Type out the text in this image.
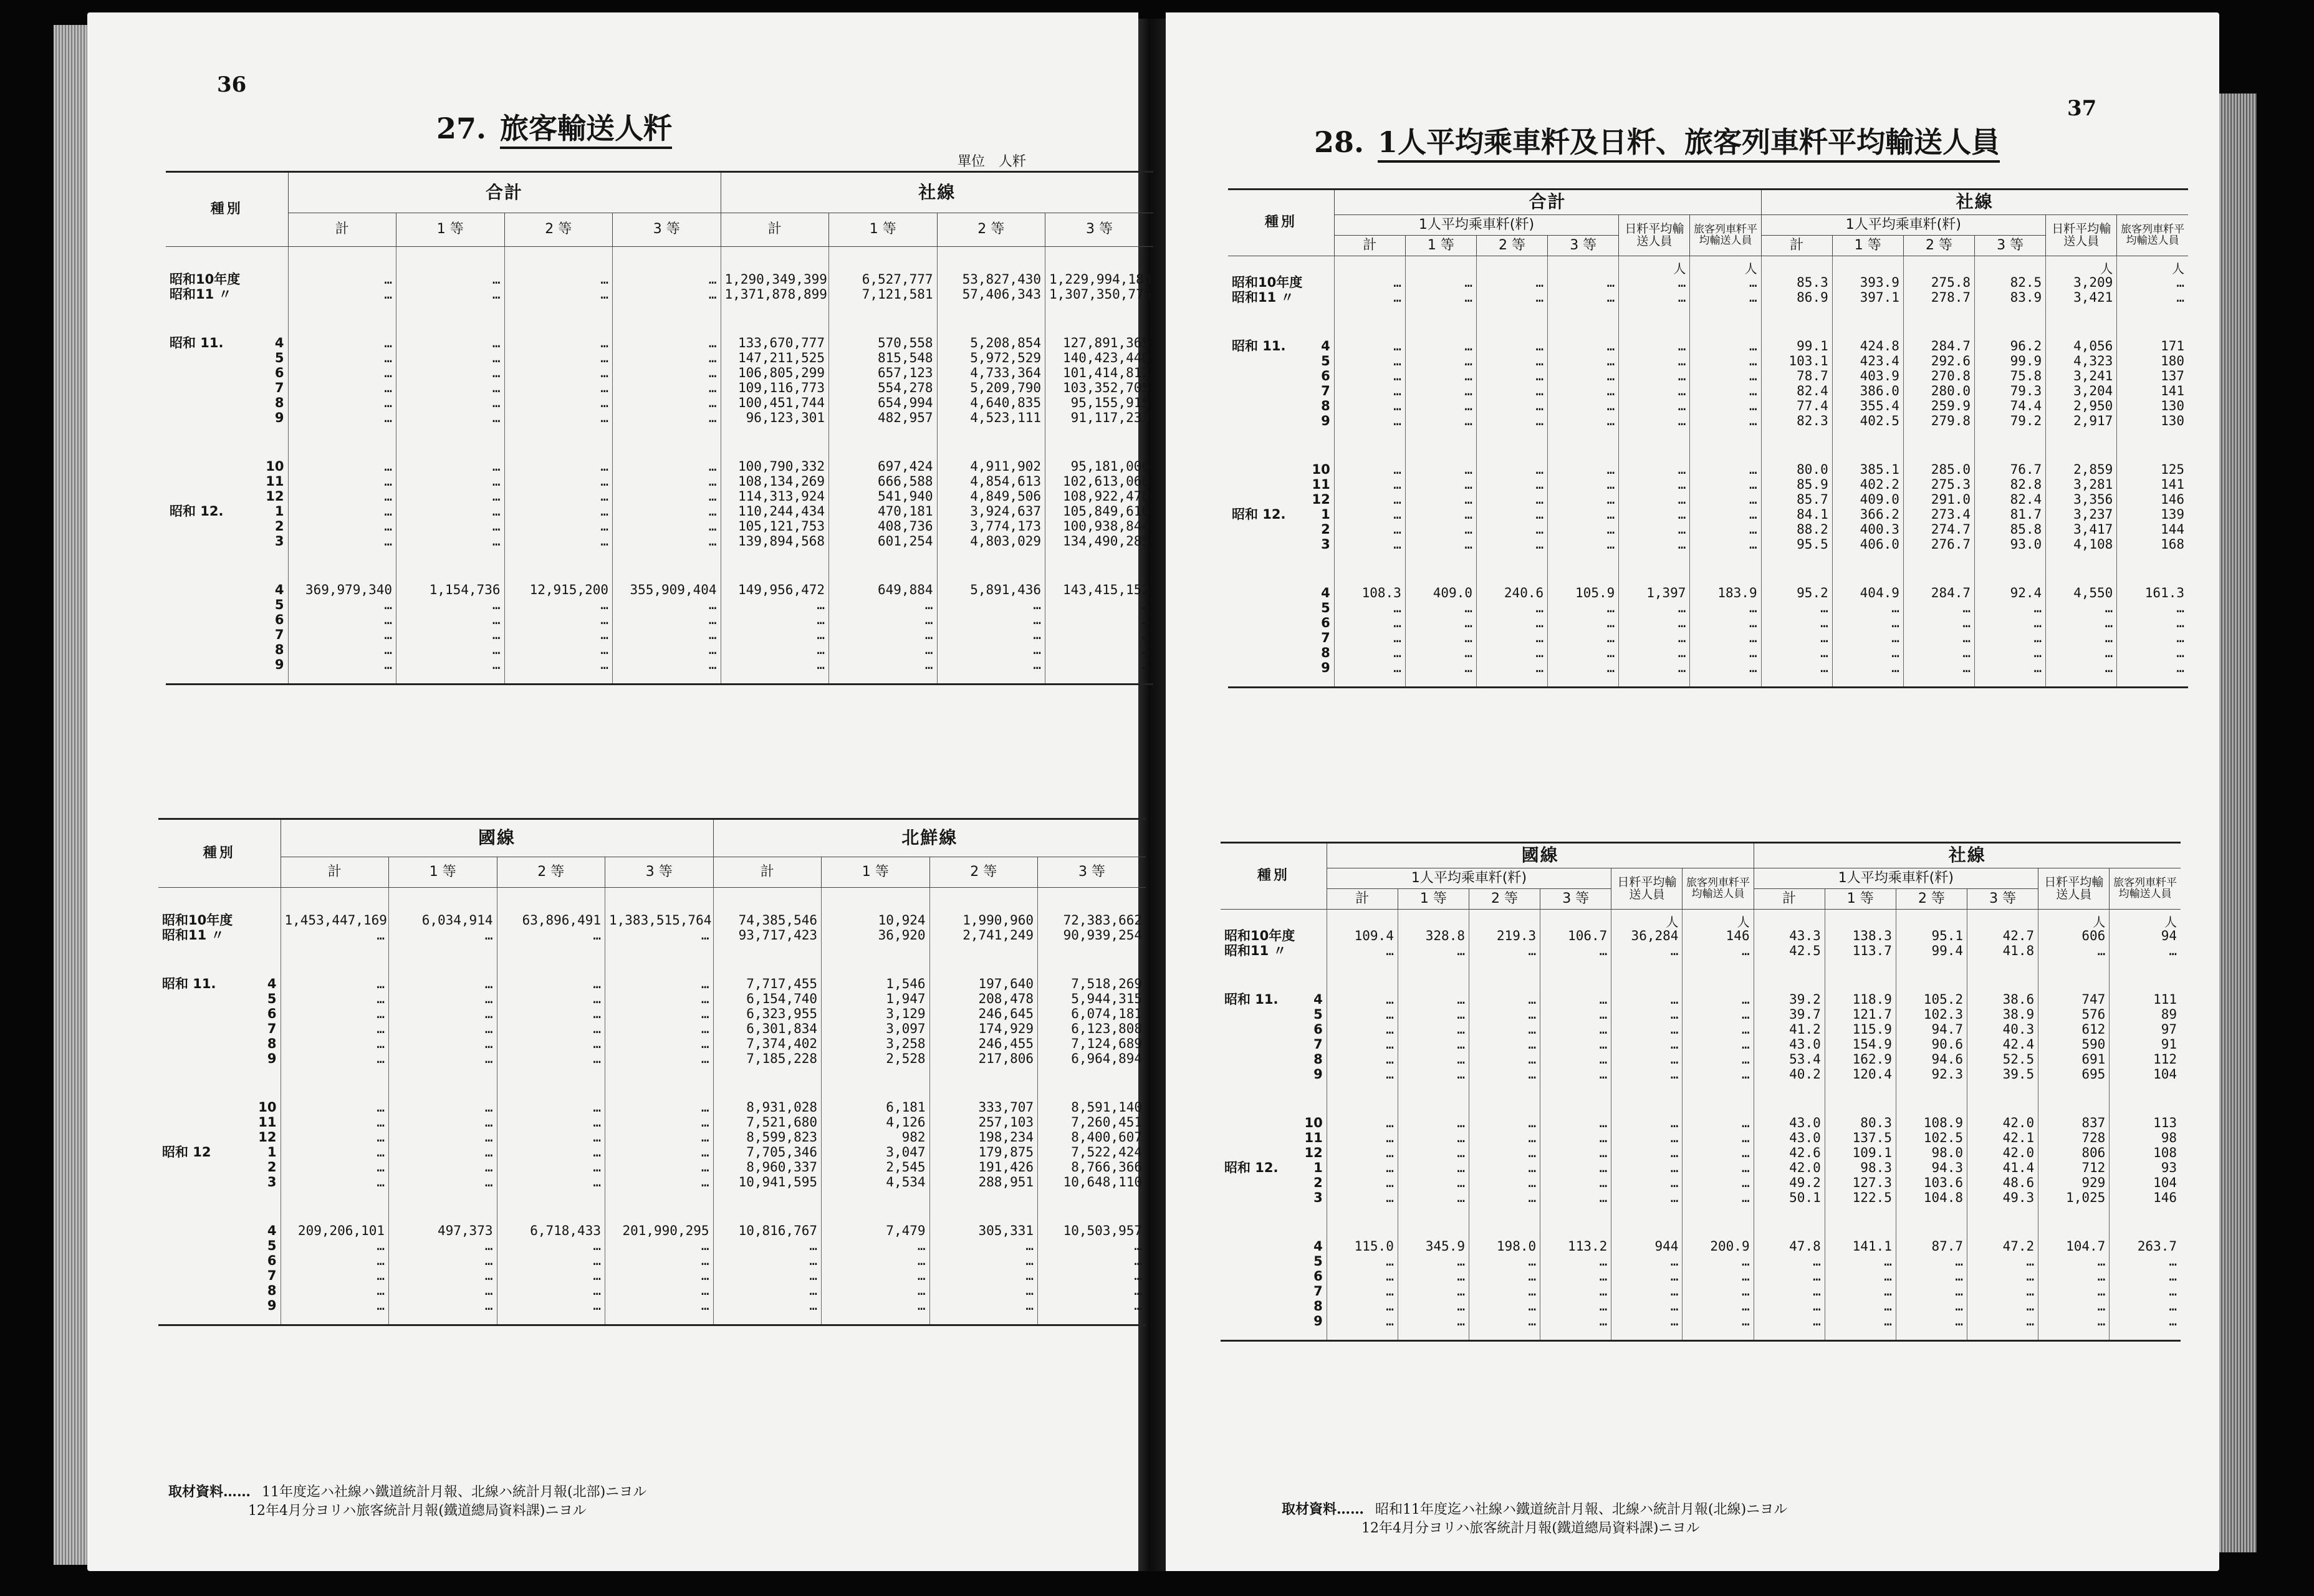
36
27. 旅客輸送人粁
單位　人粁
種別	合計				社線			
	計	1 等	2 等	3 等	計	1 等	2 等	3 等
昭和10年度	…	…	…	…	1,290,349,399	6,527,777	53,827,430	1,229,994,183
昭和11 〃	…	…	…	…	1,371,878,899	7,121,581	57,406,343	1,307,350,775

昭和 11. 4	…	…	…	…	133,670,777	570,558	5,208,854	127,891,365

5	…	…	…	…	147,211,525	815,548	5,972,529	140,423,448

6	…	…	…	…	106,805,299	657,123	4,733,364	101,414,812

7	…	…	…	…	109,116,773	554,278	5,209,790	103,352,705

8	…	…	…	…	100,451,744	654,994	4,640,835	95,155,915

9	…	…	…	…	96,123,301	482,957	4,523,111	91,117,233

10	…	…	…	…	100,790,332	697,424	4,911,902	95,181,006

11	…	…	…	…	108,134,269	666,588	4,854,613	102,613,068

12	…	…	…	…	114,313,924	541,940	4,849,506	108,922,478
昭和 12. 1	…	…	…	…	110,244,434	470,181	3,924,637	105,849,616

2	…	…	…	…	105,121,753	408,736	3,774,173	100,938,844

3	…	…	…	…	139,894,568	601,254	4,803,029	134,490,285

4	369,979,340	1,154,736	12,915,200	355,909,404	149,956,472	649,884	5,891,436	143,415,152

5	…	…	…	…	…	…	…	…

6	…	…	…	…	…	…	…	…

7	…	…	…	…	…	…	…	…

8	…	…	…	…	…	…	…	…

9	…	…	…	…	…	…	…	…
種別	國線				北鮮線			
	計	1 等	2 等	3 等	計	1 等	2 等	3 等
昭和10年度	1,453,447,169	6,034,914	63,896,491	1,383,515,764	74,385,546	10,924	1,990,960	72,383,662
昭和11 〃	…	…	…	…	93,717,423	36,920	2,741,249	90,939,254

昭和 11. 4	…	…	…	…	7,717,455	1,546	197,640	7,518,269

5	…	…	…	…	6,154,740	1,947	208,478	5,944,315

6	…	…	…	…	6,323,955	3,129	246,645	6,074,181

7	…	…	…	…	6,301,834	3,097	174,929	6,123,808

8	…	…	…	…	7,374,402	3,258	246,455	7,124,689

9	…	…	…	…	7,185,228	2,528	217,806	6,964,894

10	…	…	…	…	8,931,028	6,181	333,707	8,591,140

11	…	…	…	…	7,521,680	4,126	257,103	7,260,451

12	…	…	…	…	8,599,823	982	198,234	8,400,607
昭和 12 1	…	…	…	…	7,705,346	3,047	179,875	7,522,424

2	…	…	…	…	8,960,337	2,545	191,426	8,766,366

3	…	…	…	…	10,941,595	4,534	288,951	10,648,110

4	209,206,101	497,373	6,718,433	201,990,295	10,816,767	7,479	305,331	10,503,957

5	…	…	…	…	…	…	…	…

6	…	…	…	…	…	…	…	…

7	…	…	…	…	…	…	…	…

8	…	…	…	…	…	…	…	…

9	…	…	…	…	…	…	…	…
取材資料…… 11年度迄ハ社線ハ鐵道統計月報、北線ハ統計月報(北部)ニヨル
12年4月分ヨリハ旅客統計月報(鐵道總局資料課)ニヨル
37
28. 1人平均乘車粁及日粁、旅客列車粁平均輸送人員
種別	合計						社線					
	1人平均乘車粁(粁)				日粁平均輸送人員	旅客列車粁平均輸送人員	1人平均乘車粁(粁)				日粁平均輸送人員	旅客列車粁平均輸送人員
	計	1 等	2 等	3 等			計	1 等	2 等	3 等		
					人	人					人	人
昭和10年度	…	…	…	…	…	…	85.3	393.9	275.8	82.5	3,209	…
昭和11 〃	…	…	…	…	…	…	86.9	397.1	278.7	83.9	3,421	…

昭和 11. 4	…	…	…	…	…	…	99.1	424.8	284.7	96.2	4,056	171

5	…	…	…	…	…	…	103.1	423.4	292.6	99.9	4,323	180

6	…	…	…	…	…	…	78.7	403.9	270.8	75.8	3,241	137

7	…	…	…	…	…	…	82.4	386.0	280.0	79.3	3,204	141

8	…	…	…	…	…	…	77.4	355.4	259.9	74.4	2,950	130

9	…	…	…	…	…	…	82.3	402.5	279.8	79.2	2,917	130

10	…	…	…	…	…	…	80.0	385.1	285.0	76.7	2,859	125

11	…	…	…	…	…	…	85.9	402.2	275.3	82.8	3,281	141

12	…	…	…	…	…	…	85.7	409.0	291.0	82.4	3,356	146
昭和 12. 1	…	…	…	…	…	…	84.1	366.2	273.4	81.7	3,237	139

2	…	…	…	…	…	…	88.2	400.3	274.7	85.8	3,417	144

3	…	…	…	…	…	…	95.5	406.0	276.7	93.0	4,108	168

4	108.3	409.0	240.6	105.9	1,397	183.9	95.2	404.9	284.7	92.4	4,550	161.3

5	…	…	…	…	…	…	…	…	…	…	…	…

6	…	…	…	…	…	…	…	…	…	…	…	…

7	…	…	…	…	…	…	…	…	…	…	…	…

8	…	…	…	…	…	…	…	…	…	…	…	…

9	…	…	…	…	…	…	…	…	…	…	…	…
種別	國線						社線					
	1人平均乘車粁(粁)				日粁平均輸送人員	旅客列車粁平均輸送人員	1人平均乘車粁(粁)				日粁平均輸送人員	旅客列車粁平均輸送人員
	計	1 等	2 等	3 等			計	1 等	2 等	3 等		
					人	人					人	人
昭和10年度	109.4	328.8	219.3	106.7	36,284	146	43.3	138.3	95.1	42.7	606	94
昭和11 〃	…	…	…	…	…	…	42.5	113.7	99.4	41.8	…	…

昭和 11. 4	…	…	…	…	…	…	39.2	118.9	105.2	38.6	747	111

5	…	…	…	…	…	…	39.7	121.7	102.3	38.9	576	89

6	…	…	…	…	…	…	41.2	115.9	94.7	40.3	612	97

7	…	…	…	…	…	…	43.0	154.9	90.6	42.4	590	91

8	…	…	…	…	…	…	53.4	162.9	94.6	52.5	691	112

9	…	…	…	…	…	…	40.2	120.4	92.3	39.5	695	104

10	…	…	…	…	…	…	43.0	80.3	108.9	42.0	837	113

11	…	…	…	…	…	…	43.0	137.5	102.5	42.1	728	98

12	…	…	…	…	…	…	42.6	109.1	98.0	42.0	806	108
昭和 12. 1	…	…	…	…	…	…	42.0	98.3	94.3	41.4	712	93

2	…	…	…	…	…	…	49.2	127.3	103.6	48.6	929	104

3	…	…	…	…	…	…	50.1	122.5	104.8	49.3	1,025	146

4	115.0	345.9	198.0	113.2	944	200.9	47.8	141.1	87.7	47.2	104.7	263.7

5	…	…	…	…	…	…	…	…	…	…	…	…

6	…	…	…	…	…	…	…	…	…	…	…	…

7	…	…	…	…	…	…	…	…	…	…	…	…

8	…	…	…	…	…	…	…	…	…	…	…	…

9	…	…	…	…	…	…	…	…	…	…	…	…
取材資料…… 昭和11年度迄ハ社線ハ鐵道統計月報、北線ハ統計月報(北線)ニヨル
12年4月分ヨリハ旅客統計月報(鐵道總局資料課)ニヨル
